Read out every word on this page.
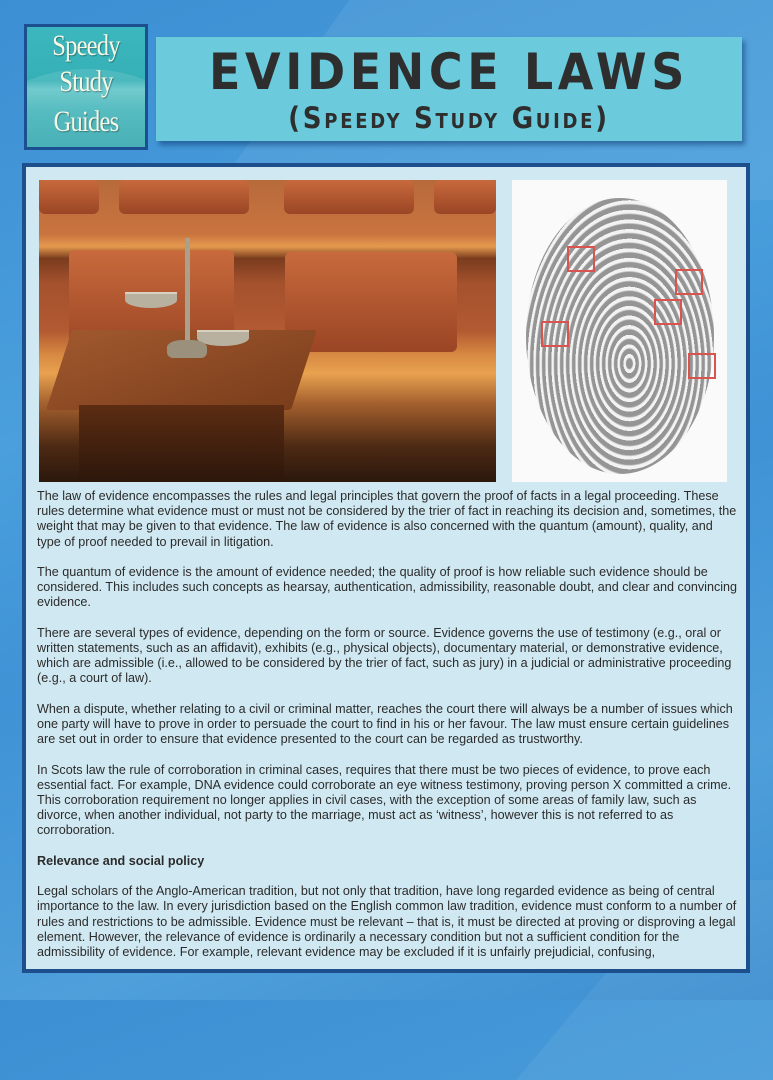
Speedy
Study
Guides
EVIDENCE LAWS
(Speedy Study Guide)

The law of evidence encompasses the rules and legal principles that govern the proof of facts in a legal proceeding. These rules determine what evidence must or must not be considered by the trier of fact in reaching its decision and, sometimes, the weight that may be given to that evidence. The law of evidence is also concerned with the quantum (amount), quality, and type of proof needed to prevail in litigation.

The quantum of evidence is the amount of evidence needed; the quality of proof is how reliable such evidence should be considered. This includes such concepts as hearsay, authentication, admissibility, reasonable doubt, and clear and convincing evidence.

There are several types of evidence, depending on the form or source. Evidence governs the use of testimony (e.g., oral or written statements, such as an affidavit), exhibits (e.g., physical objects), documentary material, or demonstrative evidence, which are admissible (i.e., allowed to be considered by the trier of fact, such as jury) in a judicial or administrative proceeding (e.g., a court of law).

When a dispute, whether relating to a civil or criminal matter, reaches the court there will always be a number of issues which one party will have to prove in order to persuade the court to find in his or her favour. The law must ensure certain guidelines are set out in order to ensure that evidence presented to the court can be regarded as trustworthy.

In Scots law the rule of corroboration in criminal cases, requires that there must be two pieces of evidence, to prove each essential fact. For example, DNA evidence could corroborate an eye witness testimony, proving person X committed a crime. This corroboration requirement no longer applies in civil cases, with the exception of some areas of family law, such as divorce, when another individual, not party to the marriage, must act as ‘witness’, however this is not referred to as corroboration.

Relevance and social policy

Legal scholars of the Anglo-American tradition, but not only that tradition, have long regarded evidence as being of central importance to the law. In every jurisdiction based on the English common law tradition, evidence must conform to a number of rules and restrictions to be admissible. Evidence must be relevant – that is, it must be directed at proving or disproving a legal element. However, the relevance of evidence is ordinarily a necessary condition but not a sufficient condition for the admissibility of evidence. For example, relevant evidence may be excluded if it is unfairly prejudicial, confusing,
